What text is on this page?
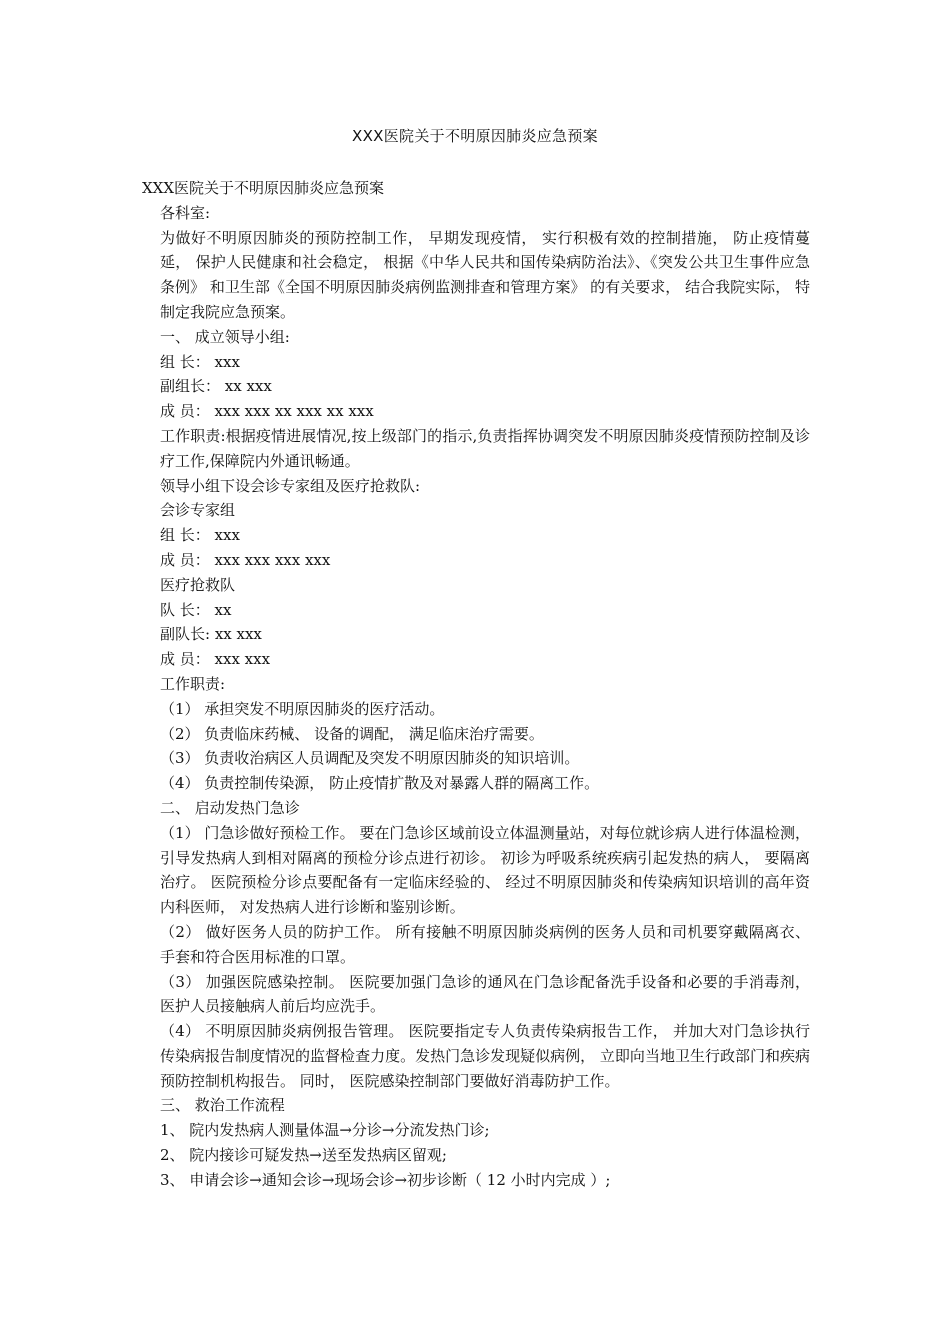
XXX医院关于不明原因肺炎应急预案

XXX医院关于不明原因肺炎应急预案

各科室:

为做好不明原因肺炎的预防控制工作， 早期发现疫情， 实行积极有效的控制措施， 防止疫情蔓延， 保护人民健康和社会稳定， 根据《中华人民共和国传染病防治法》、《突发公共卫生事件应急条例》 和卫生部《全国不明原因肺炎病例监测排查和管理方案》 的有关要求， 结合我院实际， 特制定我院应急预案。

一、 成立领导小组:

组 长： xxx

副组长： xx xxx

成 员： xxx xxx xx xxx xx xxx

工作职责:根据疫情进展情况,按上级部门的指示,负责指挥协调突发不明原因肺炎疫情预防控制及诊疗工作,保障院内外通讯畅通。

领导小组下设会诊专家组及医疗抢救队:

会诊专家组

组 长： xxx

成 员： xxx xxx xxx xxx

医疗抢救队

队 长： xx

副队长: xx xxx

成 员： xxx xxx

工作职责:

（1） 承担突发不明原因肺炎的医疗活动。

（2） 负责临床药械、 设备的调配， 满足临床治疗需要。

（3） 负责收治病区人员调配及突发不明原因肺炎的知识培训。

（4） 负责控制传染源， 防止疫情扩散及对暴露人群的隔离工作。

二、 启动发热门急诊

（1） 门急诊做好预检工作。 要在门急诊区域前设立体温测量站，对每位就诊病人进行体温检测， 引导发热病人到相对隔离的预检分诊点进行初诊。 初诊为呼吸系统疾病引起发热的病人， 要隔离治疗。 医院预检分诊点要配备有一定临床经验的、 经过不明原因肺炎和传染病知识培训的高年资内科医师， 对发热病人进行诊断和鉴别诊断。

（2） 做好医务人员的防护工作。 所有接触不明原因肺炎病例的医务人员和司机要穿戴隔离衣、 手套和符合医用标准的口罩。

（3） 加强医院感染控制。 医院要加强门急诊的通风在门急诊配备洗手设备和必要的手消毒剂， 医护人员接触病人前后均应洗手。

（4） 不明原因肺炎病例报告管理。 医院要指定专人负责传染病报告工作， 并加大对门急诊执行传染病报告制度情况的监督检查力度。发热门急诊发现疑似病例， 立即向当地卫生行政部门和疾病预防控制机构报告。 同时， 医院感染控制部门要做好消毒防护工作。

三、 救治工作流程

1、 院内发热病人测量体温→分诊→分流发热门诊;

2、 院内接诊可疑发热→送至发热病区留观;

3、 申请会诊→通知会诊→现场会诊→初步诊断（ 12 小时内完成 ）;
